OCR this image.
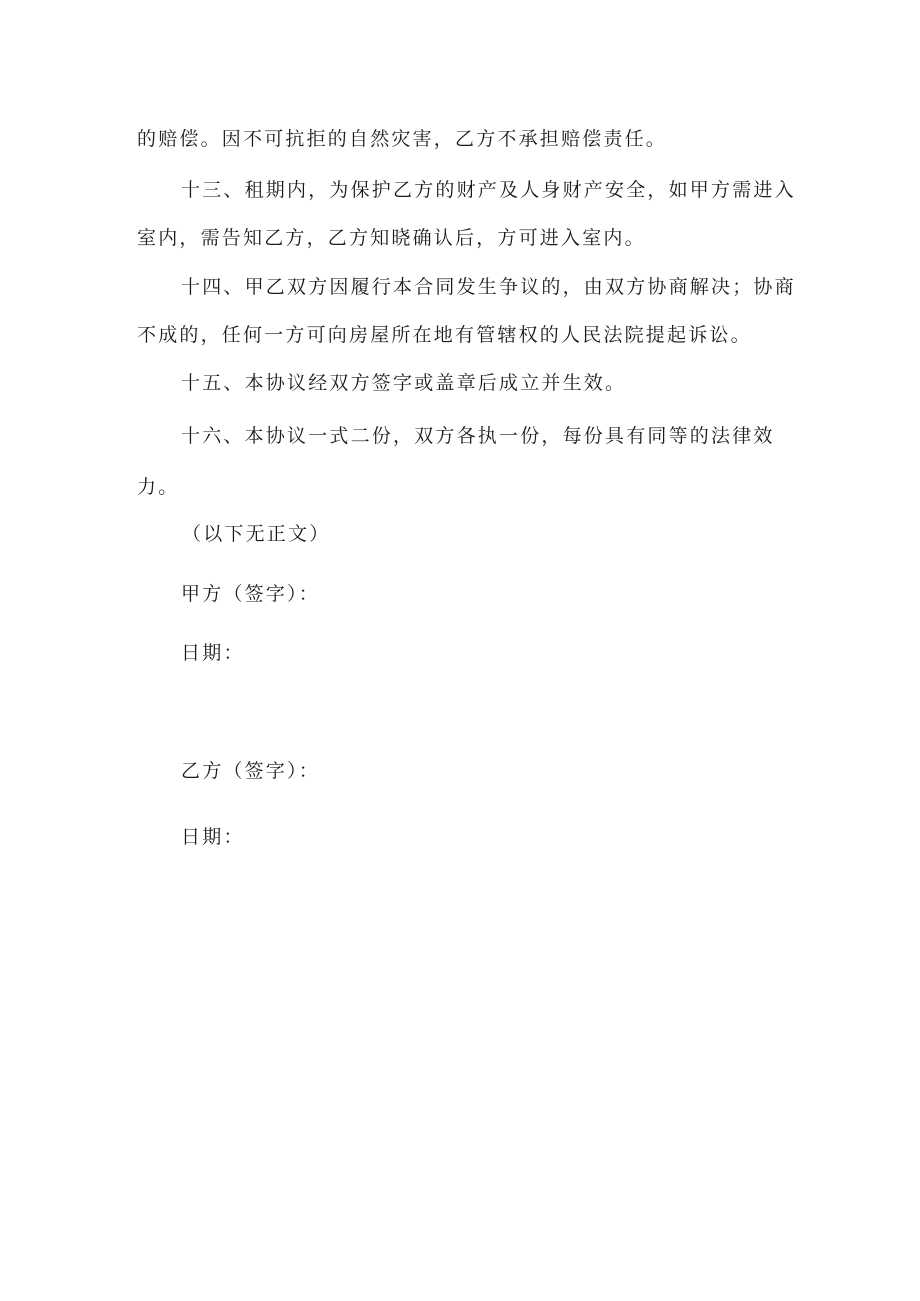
的赔偿。因不可抗拒的自然灾害，乙方不承担赔偿责任。
十三、租期内，为保护乙方的财产及人身财产安全，如甲方需进入
室内，需告知乙方，乙方知晓确认后，方可进入室内。
十四、甲乙双方因履行本合同发生争议的，由双方协商解决；协商
不成的，任何一方可向房屋所在地有管辖权的人民法院提起诉讼。
十五、本协议经双方签字或盖章后成立并生效。
十六、本协议一式二份，双方各执一份，每份具有同等的法律效
力。
（以下无正文）
甲方（签字）：
日期：
乙方（签字）：
日期：
